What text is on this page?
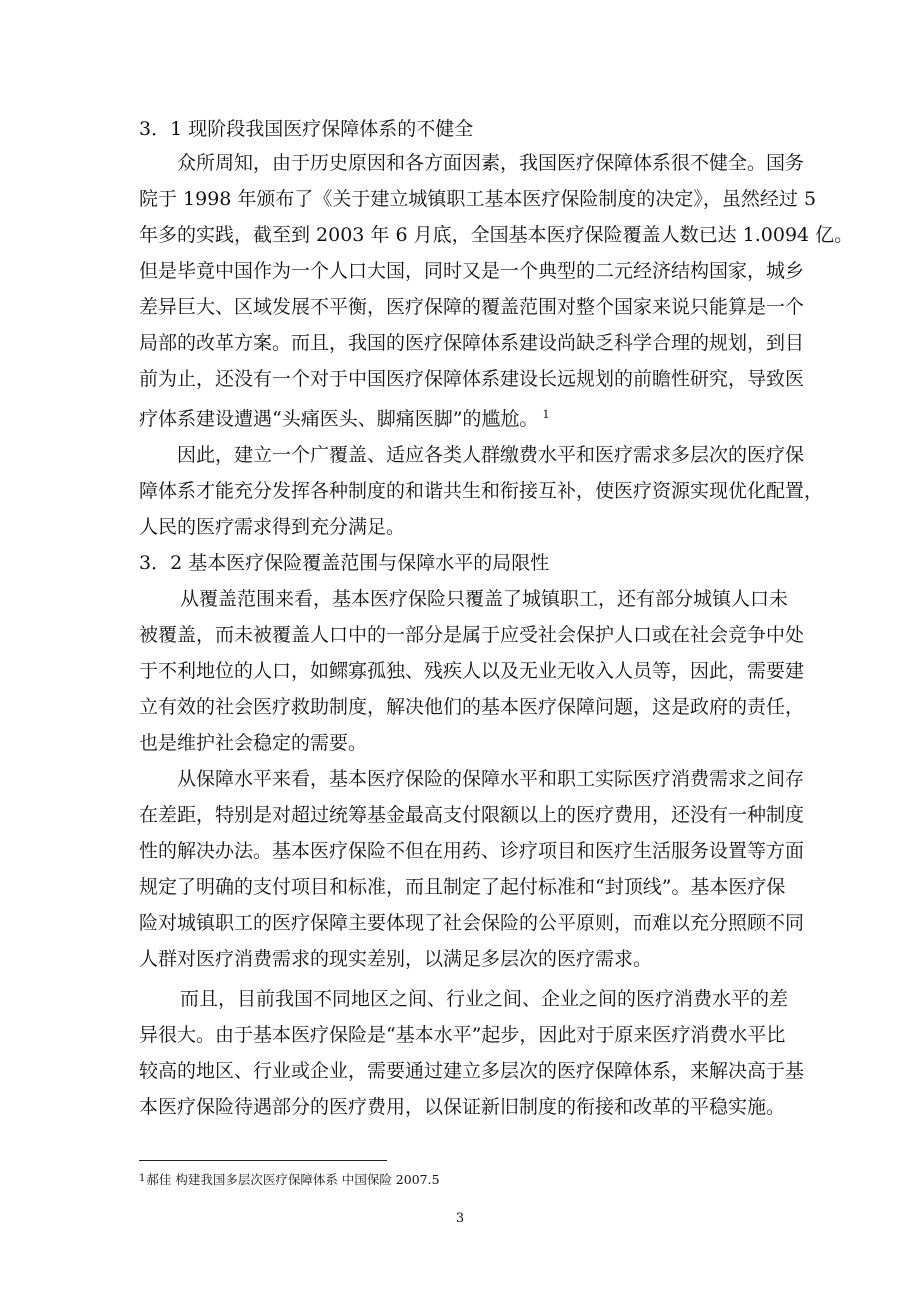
3．1 现阶段我国医疗保障体系的不健全
众所周知，由于历史原因和各方面因素，我国医疗保障体系很不健全。国务
院于 1998 年颁布了《关于建立城镇职工基本医疗保险制度的决定》，虽然经过 5
年多的实践，截至到 2003 年 6 月底，全国基本医疗保险覆盖人数已达 1.0094 亿。
但是毕竟中国作为一个人口大国，同时又是一个典型的二元经济结构国家，城乡
差异巨大、区域发展不平衡，医疗保障的覆盖范围对整个国家来说只能算是一个
局部的改革方案。而且，我国的医疗保障体系建设尚缺乏科学合理的规划，到目
前为止，还没有一个对于中国医疗保障体系建设长远规划的前瞻性研究，导致医
疗体系建设遭遇“头痛医头、脚痛医脚”的尴尬。 $^1$
因此，建立一个广覆盖、适应各类人群缴费水平和医疗需求多层次的医疗保
障体系才能充分发挥各种制度的和谐共生和衔接互补，使医疗资源实现优化配置，
人民的医疗需求得到充分满足。
3．2 基本医疗保险覆盖范围与保障水平的局限性
从覆盖范围来看，基本医疗保险只覆盖了城镇职工，还有部分城镇人口未
被覆盖，而未被覆盖人口中的一部分是属于应受社会保护人口或在社会竞争中处
于不利地位的人口，如鳏寡孤独、残疾人以及无业无收入人员等，因此，需要建
立有效的社会医疗救助制度，解决他们的基本医疗保障问题，这是政府的责任，
也是维护社会稳定的需要。
从保障水平来看，基本医疗保险的保障水平和职工实际医疗消费需求之间存
在差距，特别是对超过统筹基金最高支付限额以上的医疗费用，还没有一种制度
性的解决办法。基本医疗保险不但在用药、诊疗项目和医疗生活服务设置等方面
规定了明确的支付项目和标准，而且制定了起付标准和“封顶线”。基本医疗保
险对城镇职工的医疗保障主要体现了社会保险的公平原则，而难以充分照顾不同
人群对医疗消费需求的现实差别，以满足多层次的医疗需求。
而且，目前我国不同地区之间、行业之间、企业之间的医疗消费水平的差
异很大。由于基本医疗保险是“基本水平”起步，因此对于原来医疗消费水平比
较高的地区、行业或企业，需要通过建立多层次的医疗保障体系，来解决高于基
本医疗保险待遇部分的医疗费用，以保证新旧制度的衔接和改革的平稳实施。
$^1$郝佳 构建我国多层次医疗保障体系 中国保险 2007.5
3
